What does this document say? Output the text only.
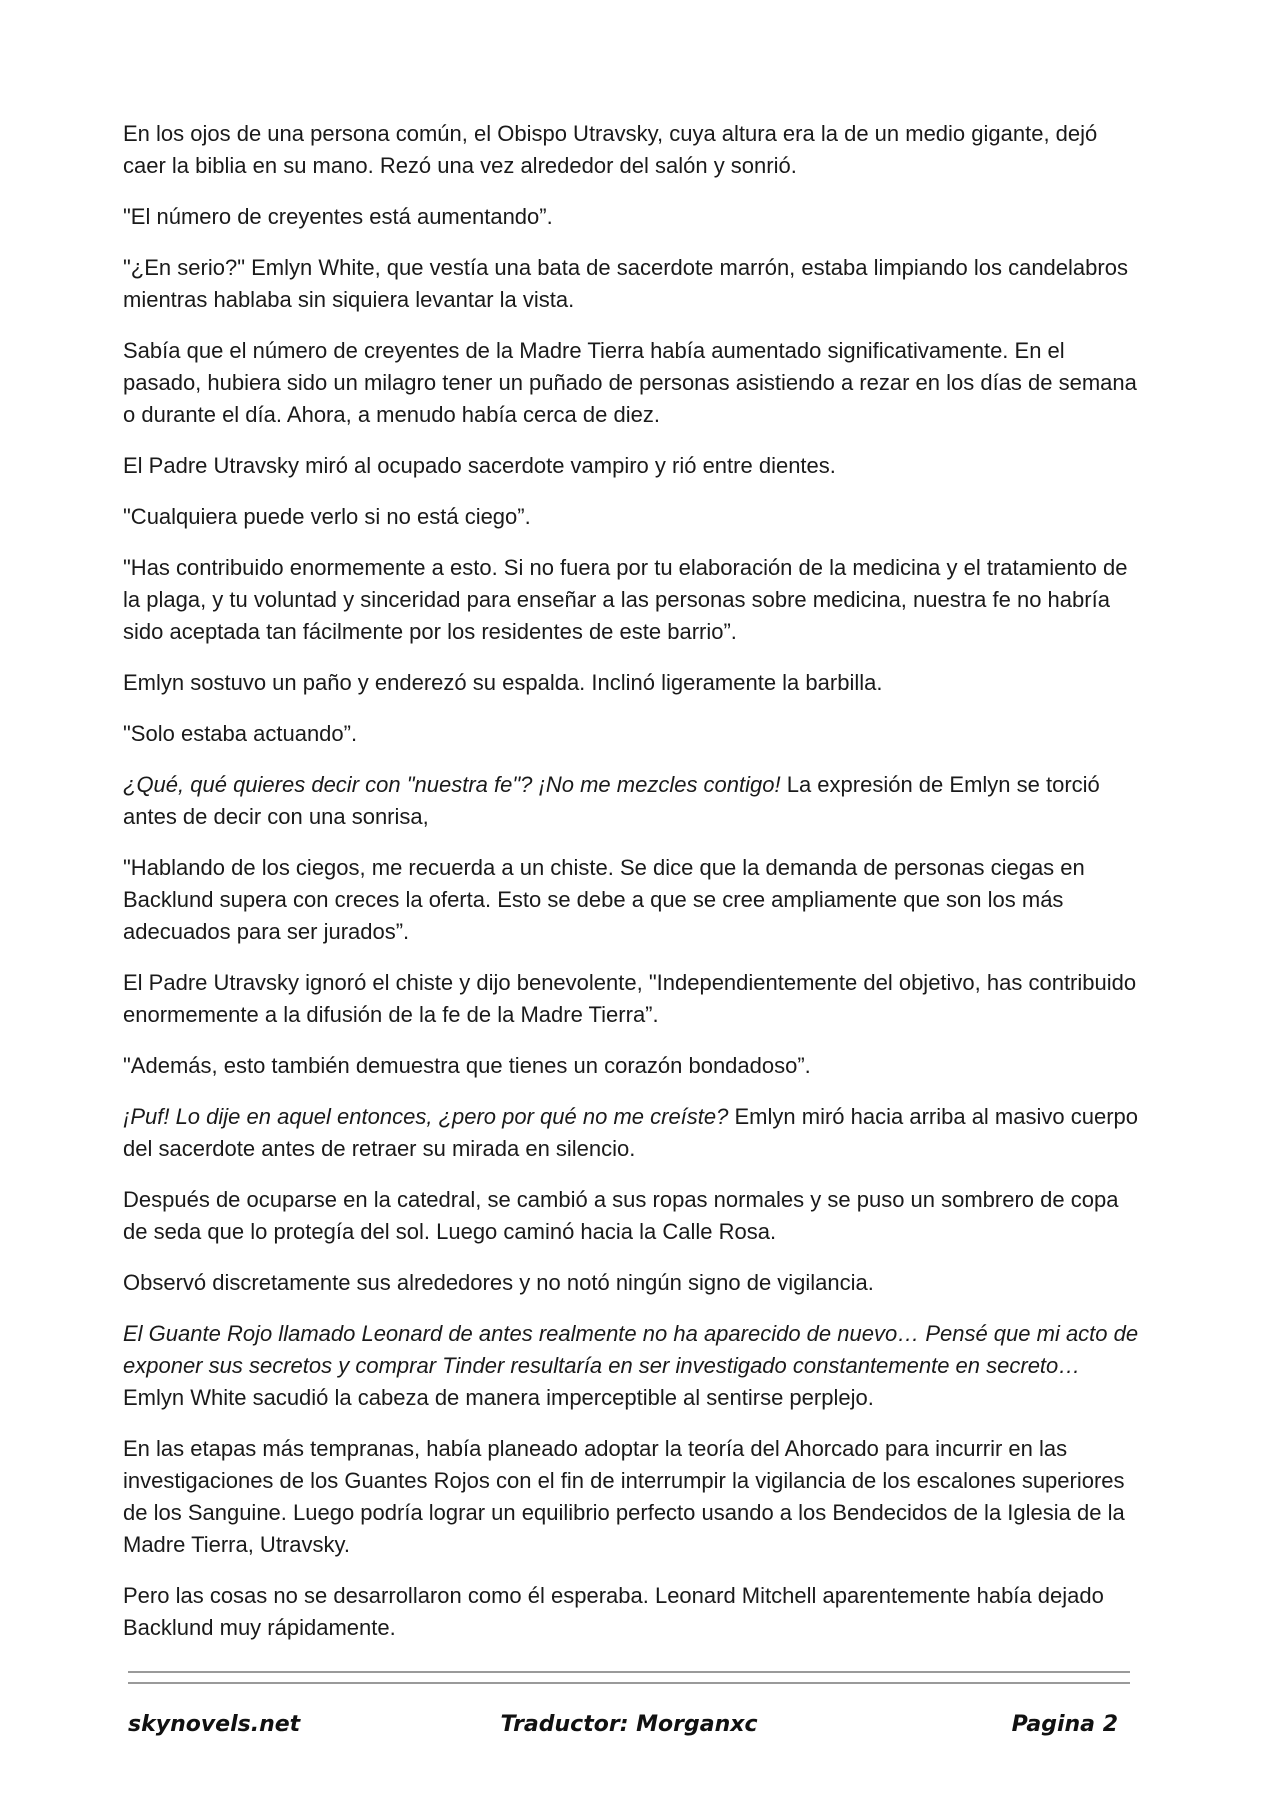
En los ojos de una persona común, el Obispo Utravsky, cuya altura era la de un medio gigante, dejó caer la biblia en su mano. Rezó una vez alrededor del salón y sonrió.

"El número de creyentes está aumentando”.

"¿En serio?" Emlyn White, que vestía una bata de sacerdote marrón, estaba limpiando los candelabros mientras hablaba sin siquiera levantar la vista.

Sabía que el número de creyentes de la Madre Tierra había aumentado significativamente. En el pasado, hubiera sido un milagro tener un puñado de personas asistiendo a rezar en los días de semana o durante el día. Ahora, a menudo había cerca de diez.

El Padre Utravsky miró al ocupado sacerdote vampiro y rió entre dientes.

"Cualquiera puede verlo si no está ciego”.

"Has contribuido enormemente a esto. Si no fuera por tu elaboración de la medicina y el tratamiento de la plaga, y tu voluntad y sinceridad para enseñar a las personas sobre medicina, nuestra fe no habría sido aceptada tan fácilmente por los residentes de este barrio”.

Emlyn sostuvo un paño y enderezó su espalda. Inclinó ligeramente la barbilla.

"Solo estaba actuando”.

¿Qué, qué quieres decir con "nuestra fe"? ¡No me mezcles contigo! La expresión de Emlyn se torció antes de decir con una sonrisa,

"Hablando de los ciegos, me recuerda a un chiste. Se dice que la demanda de personas ciegas en Backlund supera con creces la oferta. Esto se debe a que se cree ampliamente que son los más adecuados para ser jurados”.

El Padre Utravsky ignoró el chiste y dijo benevolente, "Independientemente del objetivo, has contribuido enormemente a la difusión de la fe de la Madre Tierra”.

"Además, esto también demuestra que tienes un corazón bondadoso”.

¡Puf! Lo dije en aquel entonces, ¿pero por qué no me creíste? Emlyn miró hacia arriba al masivo cuerpo del sacerdote antes de retraer su mirada en silencio.

Después de ocuparse en la catedral, se cambió a sus ropas normales y se puso un sombrero de copa de seda que lo protegía del sol. Luego caminó hacia la Calle Rosa.

Observó discretamente sus alrededores y no notó ningún signo de vigilancia.

El Guante Rojo llamado Leonard de antes realmente no ha aparecido de nuevo… Pensé que mi acto de exponer sus secretos y comprar Tinder resultaría en ser investigado constantemente en secreto… Emlyn White sacudió la cabeza de manera imperceptible al sentirse perplejo.

En las etapas más tempranas, había planeado adoptar la teoría del Ahorcado para incurrir en las investigaciones de los Guantes Rojos con el fin de interrumpir la vigilancia de los escalones superiores de los Sanguine. Luego podría lograr un equilibrio perfecto usando a los Bendecidos de la Iglesia de la Madre Tierra, Utravsky.

Pero las cosas no se desarrollaron como él esperaba. Leonard Mitchell aparentemente había dejado Backlund muy rápidamente.

skynovels.net	Traductor: Morganxc	Pagina 2
